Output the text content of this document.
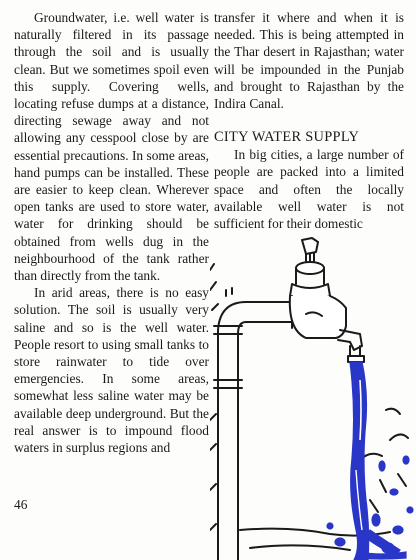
Groundwater, i.e. well water is naturally filtered in its passage through the soil and is usually clean. But we sometimes spoil even this supply. Covering wells, locating refuse dumps at a distance, directing sewage away and not allowing any cesspool close by are essential precautions. In some areas, hand pumps can be installed. These are easier to keep clean. Wherever open tanks are used to store water, water for drinking should be obtained from wells dug in the neighbourhood of the tank rather than directly from the tank.

In arid areas, there is no easy solution. The soil is usually very saline and so is the well water. People resort to using small tanks to store rainwater to tide over emergencies. In some areas, somewhat less saline water may be available deep underground. But the real answer is to impound flood waters in surplus regions and

transfer it where and when it is needed. This is being attempted in the Thar desert in Rajasthan; water will be impounded in the Punjab and brought to Rajasthan by the Indira Canal.

CITY WATER SUPPLY

In big cities, a large number of people are packed into a limited space and often the locally available well water is not sufficient for their domestic

46
